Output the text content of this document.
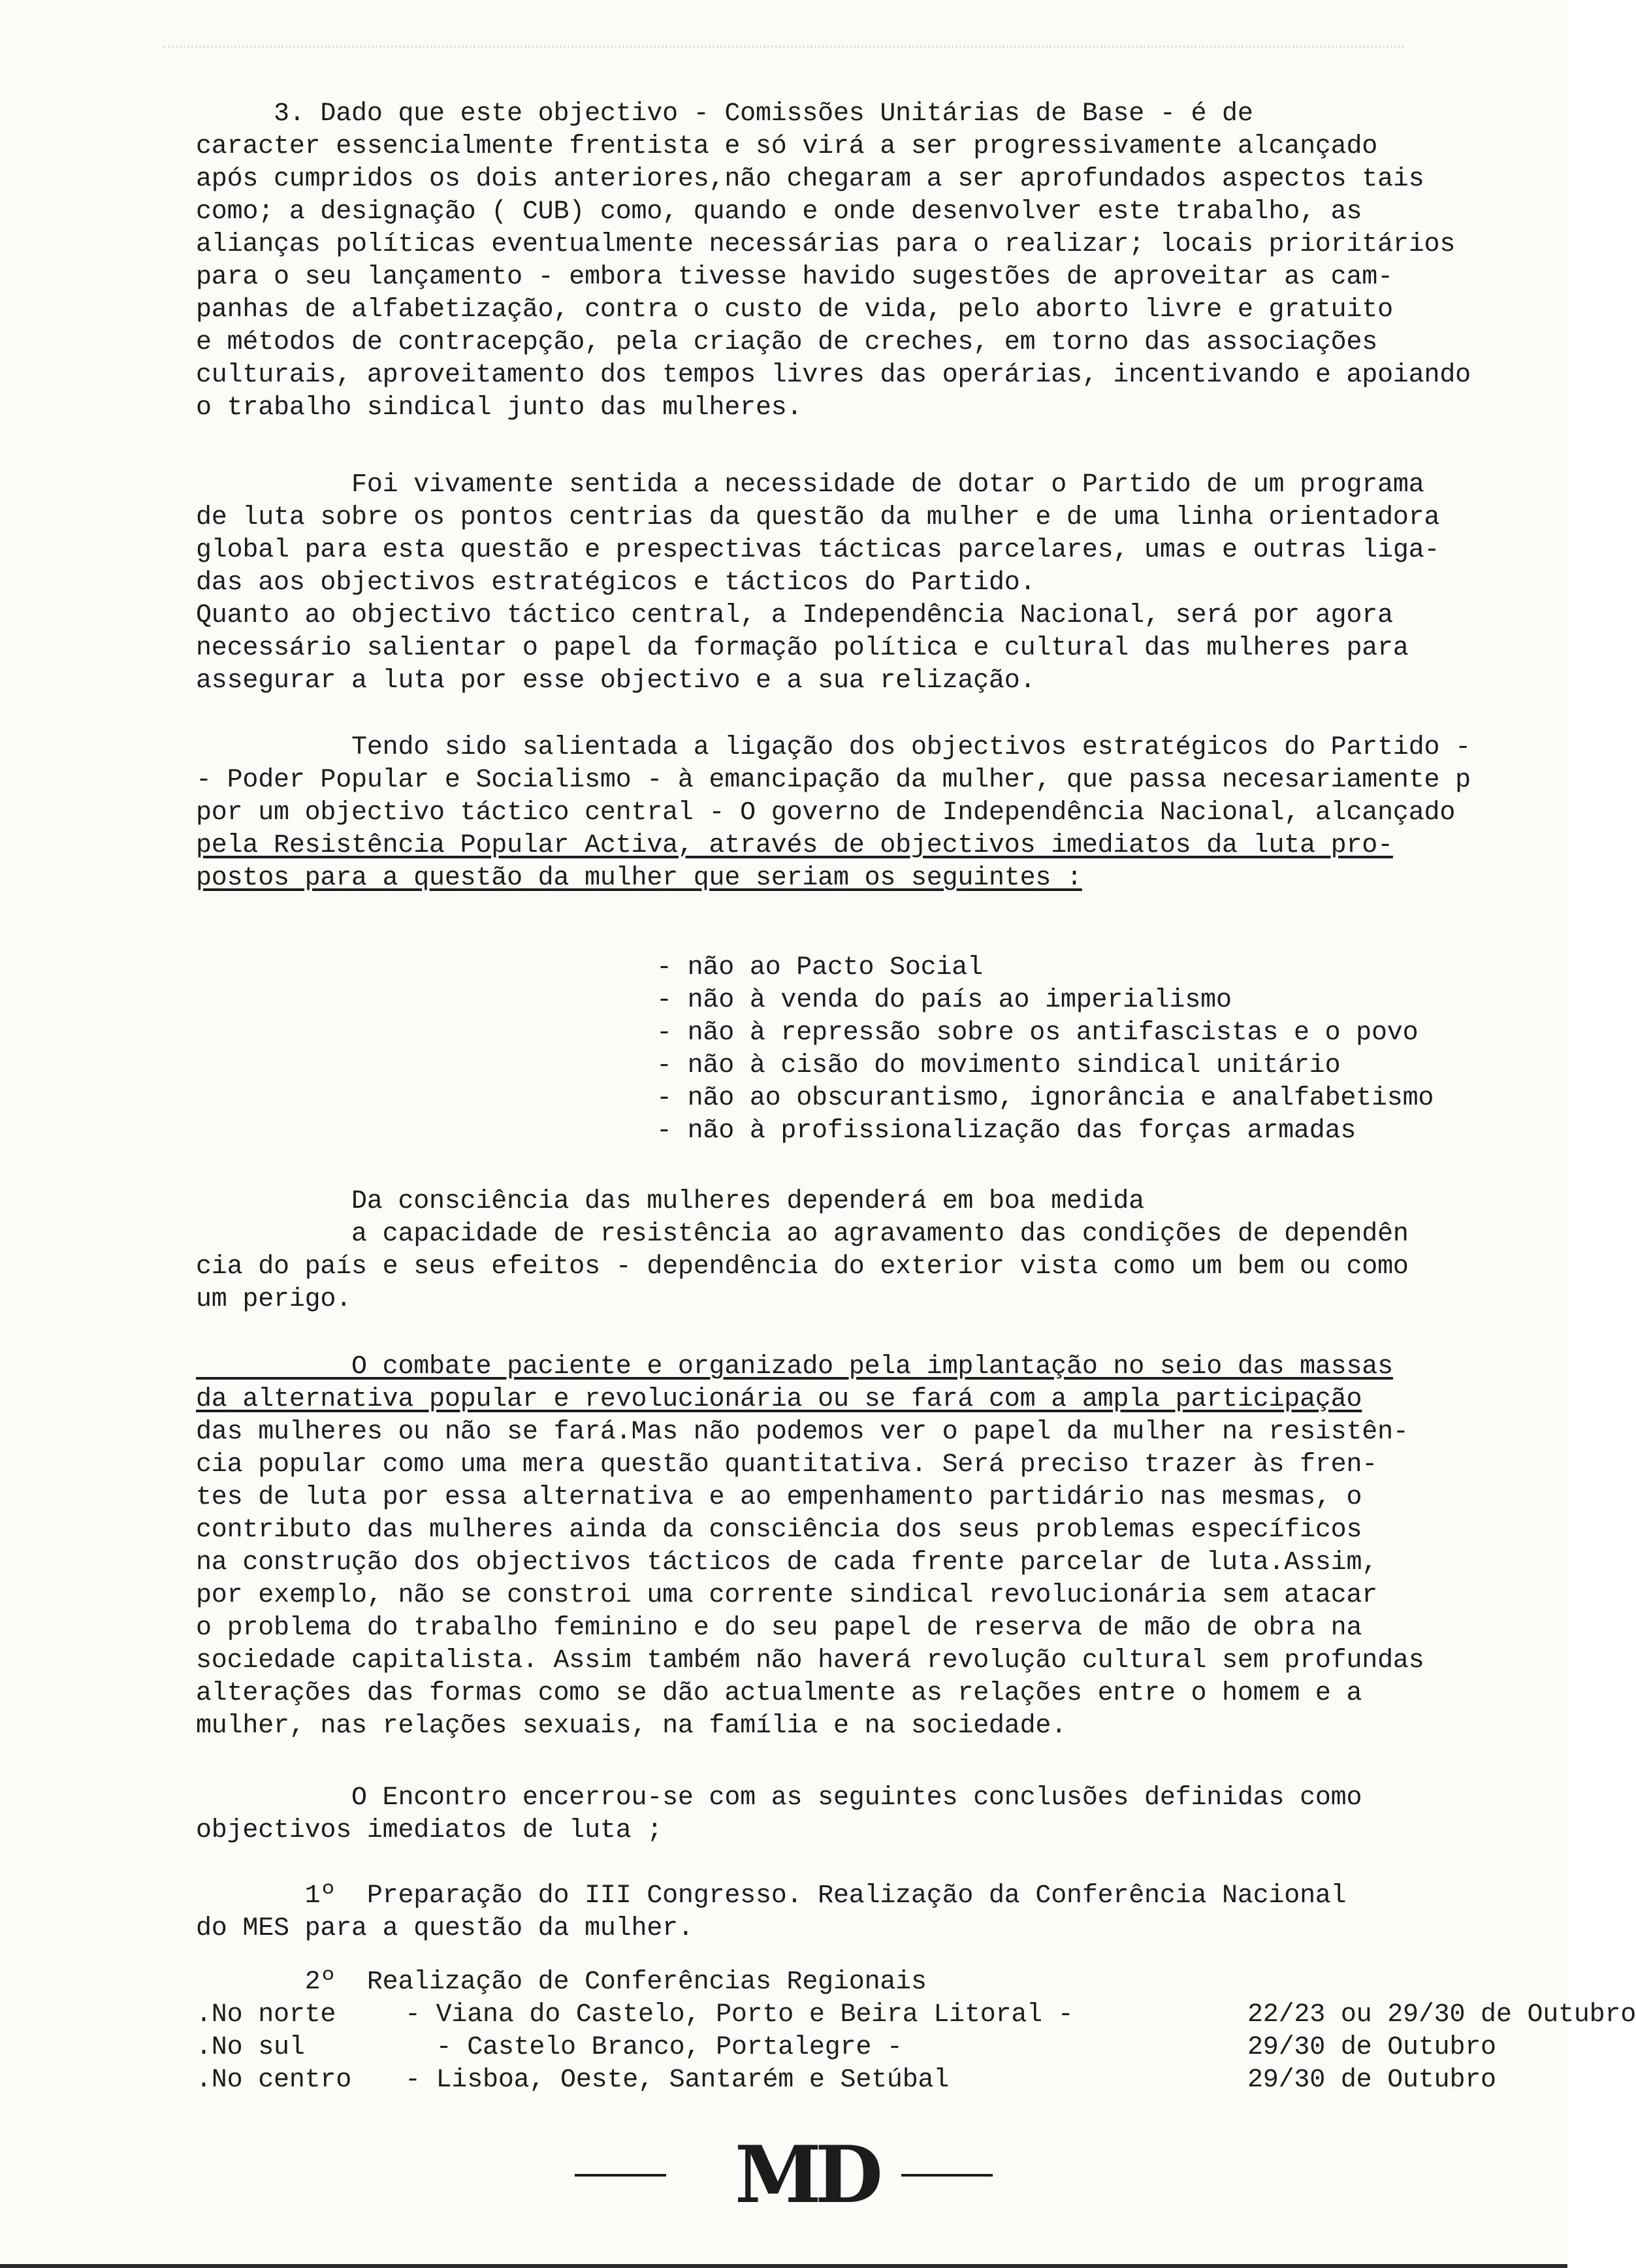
3. Dado que este objectivo - Comissões Unitárias de Base - é de
caracter essencialmente frentista e só virá a ser progressivamente alcançado
após cumpridos os dois anteriores,não chegaram a ser aprofundados aspectos tais
como; a designação ( CUB) como, quando e onde desenvolver este trabalho, as
alianças políticas eventualmente necessárias para o realizar; locais prioritários
para o seu lançamento - embora tivesse havido sugestões de aproveitar as cam-
panhas de alfabetização, contra o custo de vida, pelo aborto livre e gratuito
e métodos de contracepção, pela criação de creches, em torno das associações
culturais, aproveitamento dos tempos livres das operárias, incentivando e apoiando
o trabalho sindical junto das mulheres.
Foi vivamente sentida a necessidade de dotar o Partido de um programa
de luta sobre os pontos centrias da questão da mulher e de uma linha orientadora
global para esta questão e prespectivas tácticas parcelares, umas e outras liga-
das aos objectivos estratégicos e tácticos do Partido.
Quanto ao objectivo táctico central, a Independência Nacional, será por agora
necessário salientar o papel da formação política e cultural das mulheres para
assegurar a luta por esse objectivo e a sua relização.
Tendo sido salientada a ligação dos objectivos estratégicos do Partido -
- Poder Popular e Socialismo - à emancipação da mulher, que passa necesariamente p
por um objectivo táctico central - O governo de Independência Nacional, alcançado
pela Resistência Popular Activa, através de objectivos imediatos da luta pro-
postos para a questão da mulher que seriam os seguintes :
- não ao Pacto Social
- não à venda do país ao imperialismo
- não à repressão sobre os antifascistas e o povo
- não à cisão do movimento sindical unitário
- não ao obscurantismo, ignorância e analfabetismo
- não à profissionalização das forças armadas
Da consciência das mulheres dependerá em boa medida
a capacidade de resistência ao agravamento das condições de dependên
cia do país e seus efeitos - dependência do exterior vista como um bem ou como
um perigo.
O combate paciente e organizado pela implantação no seio das massas
da alternativa popular e revolucionária ou se fará com a ampla participação
das mulheres ou não se fará.Mas não podemos ver o papel da mulher na resistên-
cia popular como uma mera questão quantitativa. Será preciso trazer às fren-
tes de luta por essa alternativa e ao empenhamento partidário nas mesmas, o
contributo das mulheres ainda da consciência dos seus problemas específicos
na construção dos objectivos tácticos de cada frente parcelar de luta.Assim,
por exemplo, não se constroi uma corrente sindical revolucionária sem atacar
o problema do trabalho feminino e do seu papel de reserva de mão de obra na
sociedade capitalista. Assim também não haverá revolução cultural sem profundas
alterações das formas como se dão actualmente as relações entre o homem e a
mulher, nas relações sexuais, na família e na sociedade.
O Encontro encerrou-se com as seguintes conclusões definidas como
objectivos imediatos de luta ;
1º  Preparação do III Congresso. Realização da Conferência Nacional
do MES para a questão da mulher.
2º  Realização de Conferências Regionais
.No norte	- Viana do Castelo, Porto e Beira Litoral -	22/23 ou 29/30 de Outubro
.No sul	- Castelo Branco, Portalegre -	29/30 de Outubro
.No centro	- Lisboa, Oeste, Santarém e Setúbal	29/30 de Outubro
MD
